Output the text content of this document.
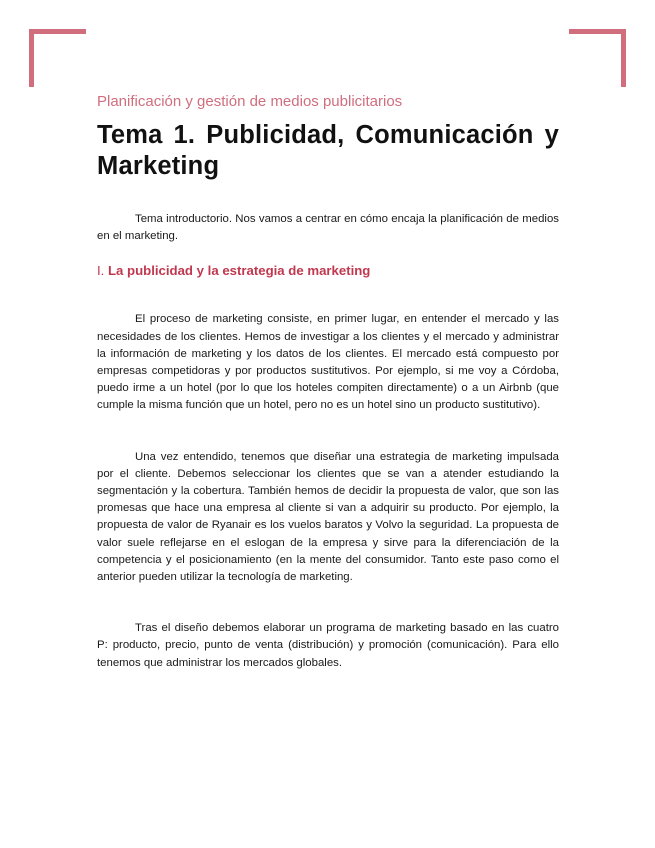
Planificación y gestión de medios publicitarios

Tema 1. Publicidad, Comunicación y Marketing

Tema introductorio. Nos vamos a centrar en cómo encaja la planificación de medios en el marketing.

I. La publicidad y la estrategia de marketing

El proceso de marketing consiste, en primer lugar, en entender el mercado y las necesidades de los clientes. Hemos de investigar a los clientes y el mercado y administrar la información de marketing y los datos de los clientes. El mercado está compuesto por empresas competidoras y por productos sustitutivos. Por ejemplo, si me voy a Córdoba, puedo irme a un hotel (por lo que los hoteles compiten directamente) o a un Airbnb (que cumple la misma función que un hotel, pero no es un hotel sino un producto sustitutivo).

Una vez entendido, tenemos que diseñar una estrategia de marketing impulsada por el cliente. Debemos seleccionar los clientes que se van a atender estudiando la segmentación y la cobertura. También hemos de decidir la propuesta de valor, que son las promesas que hace una empresa al cliente si van a adquirir su producto. Por ejemplo, la propuesta de valor de Ryanair es los vuelos baratos y Volvo la seguridad. La propuesta de valor suele reflejarse en el eslogan de la empresa y sirve para la diferenciación de la competencia y el posicionamiento (en la mente del consumidor. Tanto este paso como el anterior pueden utilizar la tecnología de marketing.

Tras el diseño debemos elaborar un programa de marketing basado en las cuatro P: producto, precio, punto de venta (distribución) y promoción (comunicación). Para ello tenemos que administrar los mercados globales.
